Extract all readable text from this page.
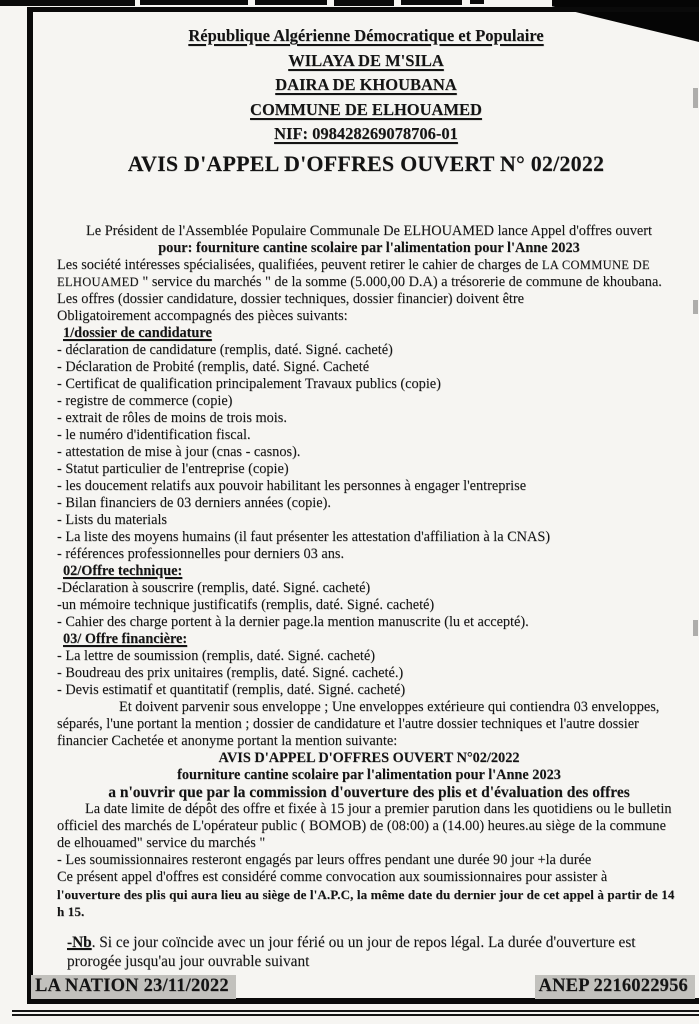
République Algérienne Démocratique et Populaire
WILAYA DE M'SILA
DAIRA DE KHOUBANA
COMMUNE DE ELHOUAMED
NIF: 098428269078706-01
AVIS D'APPEL D'OFFRES OUVERT N° 02/2022

Le Président de l'Assemblée Populaire Communale De ELHOUAMED lance Appel d'offres ouvert

pour: fourniture cantine scolaire par l'alimentation pour l'Anne 2023

Les société intéresses spécialisées, qualifiées, peuvent retirer le cahier de charges de LA COMMUNE DE ELHOUAMED " service du marchés " de la somme (5.000,00 D.A) a trésorerie de commune de khoubana.

Les offres (dossier candidature, dossier techniques, dossier financier) doivent être

Obligatoirement accompagnés des pièces suivants:

1/dossier de candidature
- déclaration de candidature (remplis, daté. Signé. cacheté)
- Déclaration de Probité (remplis, daté. Signé. Cacheté
- Certificat de qualification principalement Travaux publics (copie)
- registre de commerce (copie)
- extrait de rôles de moins de trois mois.
- le numéro d'identification fiscal.
- attestation de mise à jour (cnas - casnos).
- Statut particulier de l'entreprise (copie)
- les doucement relatifs aux pouvoir habilitant les personnes à engager l'entreprise
- Bilan financiers de 03 derniers années (copie).
- Lists du materials
- La liste des moyens humains (il faut présenter les attestation d'affiliation à la CNAS)
- références professionnelles pour derniers 03 ans.
02/Offre technique:
-Déclaration à souscrire (remplis, daté. Signé. cacheté)
-un mémoire technique justificatifs (remplis, daté. Signé. cacheté)
- Cahier des charge portent à la dernier page.la mention manuscrite (lu et accepté).
03/ Offre financière:
- La lettre de soumission (remplis, daté. Signé. cacheté)
- Boudreau des prix unitaires (remplis, daté. Signé. cacheté.)
- Devis estimatif et quantitatif (remplis, daté. Signé. cacheté)

Et doivent parvenir sous enveloppe ; Une enveloppes extérieure qui contiendra 03 enveloppes, séparés, l'une portant la mention ; dossier de candidature et l'autre dossier techniques et l'autre dossier financier Cachetée et anonyme portant la mention suivante:

AVIS D'APPEL D'OFFRES OUVERT N°02/2022

fourniture cantine scolaire par l'alimentation pour l'Anne 2023

a n'ouvrir que par la commission d'ouverture des plis et d'évaluation des offres

La date limite de dépôt des offre et fixée à 15 jour a premier parution dans les quotidiens ou le bulletin officiel des marchés de L'opérateur public ( BOMOB) de (08:00) a (14.00) heures.au siège de la commune de elhouamed" service du marchés "

- Les soumissionnaires resteront engagés par leurs offres pendant une durée 90 jour +la durée

Ce présent appel d'offres est considéré comme convocation aux soumissionnaires pour assister à

l'ouverture des plis qui aura lieu au siège de l'A.P.C, la même date du dernier jour de cet appel à partir de 14 h 15.

-Nb. Si ce jour coïncide avec un jour férié ou un jour de repos légal. La durée d'ouverture est prorogée jusqu'au jour ouvrable suivant
LA NATION 23/11/2022	ANEP 2216022956
